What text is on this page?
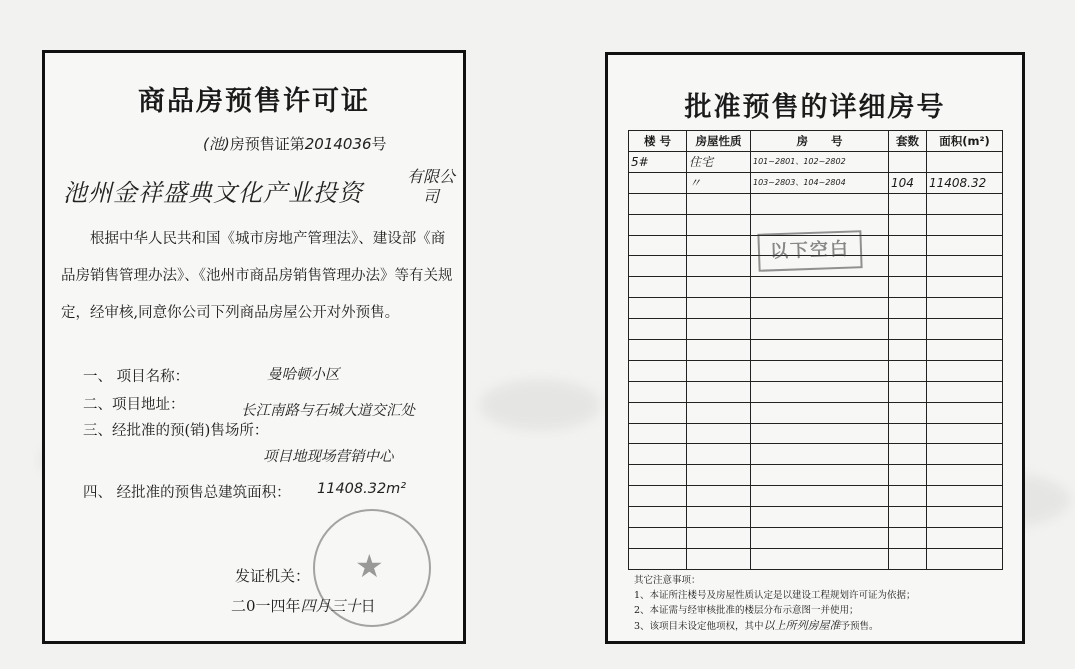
商品房预售许可证
(池)房预售证第2014036号
池州金祥盛典文化产业投资
有限公司

根据中华人民共和国《城市房地产管理法》、建设部《商品房销售管理办法》、《池州市商品房销售管理办法》等有关规定，经审核,同意你公司下列商品房屋公开对外预售。

一、 项目名称：	曼哈顿小区
二、项目地址：	长江南路与石城大道交汇处
三、经批准的预(销)售场所：
项目地现场营销中心
四、 经批准的预售总建筑面积： 11408.32m²
★
发证机关：
二0一四年四月三十日
批准预售的详细房号
楼 号	房屋性质	房　　号	套数	面积(m²)
5#	住宅	101~2801、102~2802		
	〃	103~2803、104~2804	104	11408.32

以下空白
其它注意事项：
1、本证所注楼号及房屋性质认定是以建设工程规划许可证为依据；
2、本证需与经审核批准的楼层分布示意图一并使用；
3、该项目未设定他项权，其中以上所列房屋准予预售。
